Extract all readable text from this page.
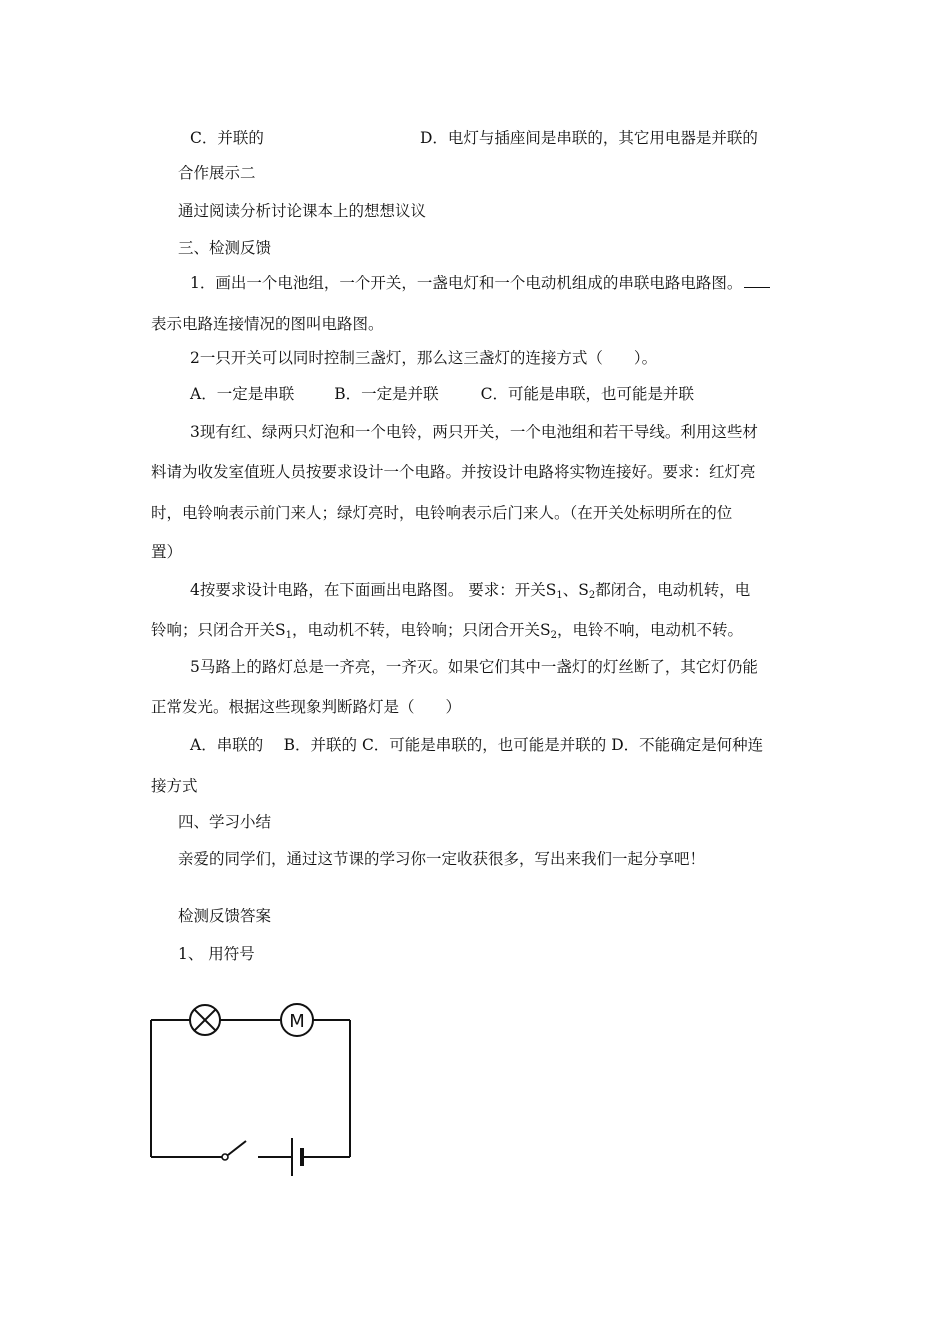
C．并联的	D．电灯与插座间是串联的，其它用电器是并联的
合作展示二
通过阅读分析讨论课本上的想想议议
三、检测反馈
1．画出一个电池组，一个开关，一盏电灯和一个电动机组成的串联电路电路图。
表示电路连接情况的图叫电路图。
2一只开关可以同时控制三盏灯，那么这三盏灯的连接方式（　　）。
A．一定是串联	B．一定是并联	C．可能是串联，也可能是并联
3现有红、绿两只灯泡和一个电铃，两只开关，一个电池组和若干导线。利用这些材
料请为收发室值班人员按要求设计一个电路。并按设计电路将实物连接好。要求：红灯亮
时，电铃响表示前门来人；绿灯亮时，电铃响表示后门来人。（在开关处标明所在的位
置）
4按要求设计电路，在下面画出电路图。 要求：开关$S_1$、$S_2$都闭合，电动机转，电
铃响；只闭合开关$S_1$，电动机不转，电铃响；只闭合开关$S_2$，电铃不响，电动机不转。
5马路上的路灯总是一齐亮，一齐灭。如果它们其中一盏灯的灯丝断了，其它灯仍能
正常发光。根据这些现象判断路灯是（　　）
A．串联的　 B．并联的 C．可能是串联的，也可能是并联的 D．不能确定是何种连
接方式
四、学习小结
亲爱的同学们，通过这节课的学习你一定收获很多，写出来我们一起分享吧！
检测反馈答案
1、 用符号
M
